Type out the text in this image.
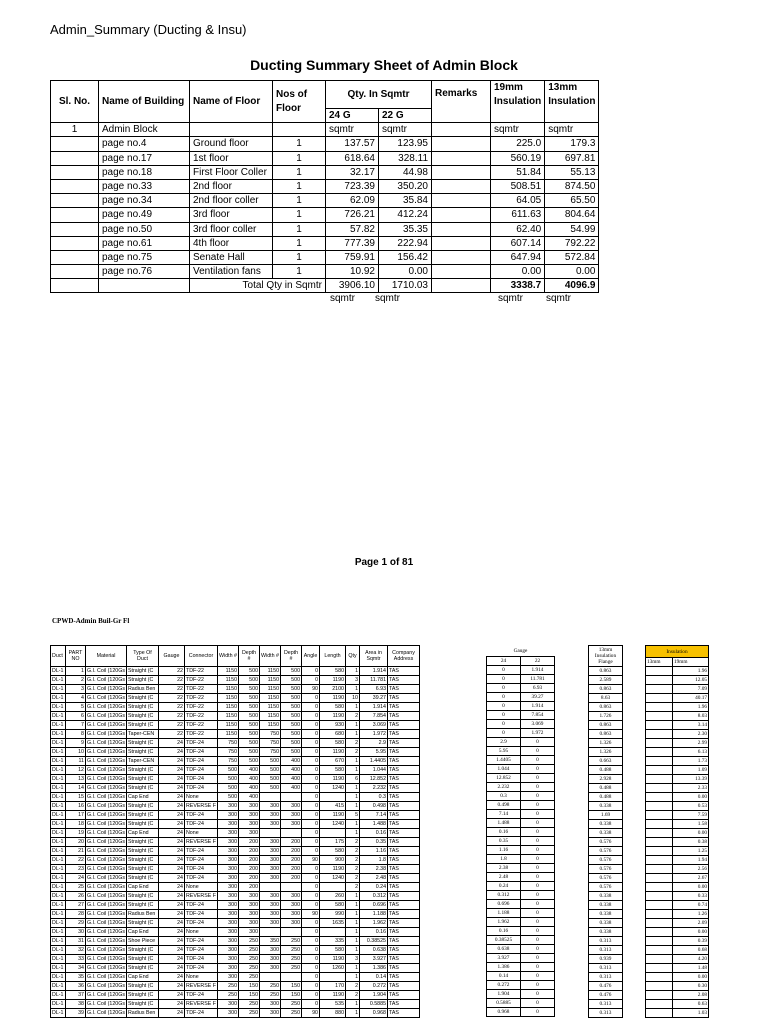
Admin_Summary (Ducting & Insu)
Ducting Summary Sheet of Admin Block
Sl. No.	Name of Building	Name of Floor	Nos of Floor	Qty. In Sqmtr		Remarks	19mm Insulation	13mm Insulation
				24 G	22 G			
1	Admin Block			sqmtr	sqmtr		sqmtr	sqmtr
	page no.4	Ground floor	1	137.57	123.95		225.0	179.3
	page no.17	1st floor	1	618.64	328.11		560.19	697.81
	page no.18	First Floor Coller	1	32.17	44.98		51.84	55.13
	page no.33	2nd floor	1	723.39	350.20		508.51	874.50
	page no.34	2nd floor coller	1	62.09	35.84		64.05	65.50
	page no.49	3rd floor	1	726.21	412.24		611.63	804.64
	page no.50	3rd floor coller	1	57.82	35.35		62.40	54.99
	page no.61	4th floor	1	777.39	222.94		607.14	792.22
	page no.75	Senate Hall	1	759.91	156.42		647.94	572.84
	page no.76	Ventilation fans	1	10.92	0.00		0.00	0.00
		Total Qty in Sqmtr		3906.10	1710.03		3338.7	4096.9
sqmtr sqmtr	sqmtr sqmtr
Page 1 of 81
CPWD-Admin Buil-Gr Fl
Duct	PART NO	Material	Type Of Duct	Gauge	Connector	Width #	Depth #	Width #	Depth #	Angle	Length	Qty	Area in Sqmtr	Company Address
DL-1	1	G.I. Coil (120Gs	Straight (C	22	TDF-22	1150	500	1150	500	0	580	1	1.914	TAS
DL-1	2	G.I. Coil (120Gs	Straight (C	22	TDF-22	1150	500	1150	500	0	1190	3	11.781	TAS
DL-1	3	G.I. Coil (120Gs	Radius Ben	22	TDF-22	1150	500	1150	500	90	2100	1	6.93	TAS
DL-1	4	G.I. Coil (120Gs	Straight (C	22	TDF-22	1150	500	1150	500	0	1190	10	39.27	TAS
DL-1	5	G.I. Coil (120Gs	Straight (C	22	TDF-22	1150	500	1150	500	0	580	1	1.914	TAS
DL-1	6	G.I. Coil (120Gs	Straight (C	22	TDF-22	1150	500	1150	500	0	1190	2	7.854	TAS
DL-1	7	G.I. Coil (120Gs	Straight (C	22	TDF-22	1150	500	1150	500	0	930	1	3.069	TAS
DL-1	8	G.I. Coil (120Gs	Taper-CEN	22	TDF-22	1150	500	750	500	0	680	1	1.972	TAS
DL-1	9	G.I. Coil (120Gs	Straight (C	24	TDF-24	750	500	750	500	0	580	2	2.9	TAS
DL-1	10	G.I. Coil (120Gs	Straight (C	24	TDF-24	750	500	750	500	0	1190	2	5.95	TAS
DL-1	11	G.I. Coil (120Gs	Taper-CEN	24	TDF-24	750	500	500	400	0	670	1	1.4405	TAS
DL-1	12	G.I. Coil (120Gs	Straight (C	24	TDF-24	500	400	500	400	0	580	1	1.044	TAS
DL-1	13	G.I. Coil (120Gs	Straight (C	24	TDF-24	500	400	500	400	0	1190	6	12.852	TAS
DL-1	14	G.I. Coil (120Gs	Straight (C	24	TDF-24	500	400	500	400	0	1240	1	2.232	TAS
DL-1	15	G.I. Coil (120Gs	Cap End	24	None	500	400			0		1	0.3	TAS
DL-1	16	G.I. Coil (120Gs	Straight (C	24	REVERSE F	300	300	300	300	0	415	1	0.498	TAS
DL-1	17	G.I. Coil (120Gs	Straight (C	24	TDF-24	300	300	300	300	0	1190	5	7.14	TAS
DL-1	18	G.I. Coil (120Gs	Straight (C	24	TDF-24	300	300	300	300	0	1240	1	1.488	TAS
DL-1	19	G.I. Coil (120Gs	Cap End	24	None	300	300			0		1	0.16	TAS
DL-1	20	G.I. Coil (120Gs	Straight (C	24	REVERSE F	300	200	300	200	0	175	2	0.35	TAS
DL-1	21	G.I. Coil (120Gs	Straight (C	24	TDF-24	300	200	300	200	0	580	2	1.16	TAS
DL-1	22	G.I. Coil (120Gs	Straight (C	24	TDF-24	300	200	300	200	90	900	2	1.8	TAS
DL-1	23	G.I. Coil (120Gs	Straight (C	24	TDF-24	300	200	300	200	0	1190	2	2.38	TAS
DL-1	24	G.I. Coil (120Gs	Straight (C	24	TDF-24	300	200	300	200	0	1240	2	2.48	TAS
DL-1	25	G.I. Coil (120Gs	Cap End	24	None	300	200			0		2	0.24	TAS
DL-1	26	G.I. Coil (120Gs	Straight (C	24	REVERSE F	300	300	300	300	0	260	1	0.312	TAS
DL-1	27	G.I. Coil (120Gs	Straight (C	24	TDF-24	300	300	300	300	0	580	1	0.696	TAS
DL-1	28	G.I. Coil (120Gs	Radius Ben	24	TDF-24	300	300	300	300	90	990	1	1.188	TAS
DL-1	29	G.I. Coil (120Gs	Straight (C	24	TDF-24	300	300	300	300	0	1635	1	1.962	TAS
DL-1	30	G.I. Coil (120Gs	Cap End	24	None	300	300			0		1	0.16	TAS
DL-1	31	G.I. Coil (120Gs	Shoe Piece	24	TDF-24	300	250	350	250	0	335	1	0.38525	TAS
DL-1	32	G.I. Coil (120Gs	Straight (C	24	TDF-24	300	250	300	250	0	580	1	0.638	TAS
DL-1	33	G.I. Coil (120Gs	Straight (C	24	TDF-24	300	250	300	250	0	1190	3	3.927	TAS
DL-1	34	G.I. Coil (120Gs	Straight (C	24	TDF-24	300	250	300	250	0	1260	1	1.386	TAS
DL-1	35	G.I. Coil (120Gs	Cap End	24	None	300	250			0		1	0.14	TAS
DL-1	36	G.I. Coil (120Gs	Straight (C	24	REVERSE F	250	150	250	150	0	170	2	0.272	TAS
DL-1	37	G.I. Coil (120Gs	Straight (C	24	TDF-24	250	150	250	150	0	1190	2	1.904	TAS
DL-1	38	G.I. Coil (120Gs	Straight (C	24	REVERSE F	300	250	300	250	0	535	1	0.5885	TAS
DL-1	39	G.I. Coil (120Gs	Radius Ben	24	TDF-24	300	250	300	250	90	880	1	0.968	TAS
Gauge	
24	22
0	1.914
0	11.781
0	6.93
0	39.27
0	1.914
0	7.854
0	3.069
0	1.972
2.9	0
5.95	0
1.4405	0
1.044	0
12.852	0
2.232	0
0.3	0
0.498	0
7.14	0
1.488	0
0.16	0
0.35	0
1.16	0
1.8	0
2.38	0
2.48	0
0.24	0
0.312	0
0.696	0
1.188	0
1.962	0
0.16	0
0.38525	0
0.638	0
3.927	0
1.386	0
0.14	0
0.272	0
1.904	0
0.5885	0
0.968	0
13mm Insulation Flange
0.863
2.589
0.863
8.63
0.863
1.726
0.863
0.863
1.326
1.326
0.663
0.488
2.928
0.488
0.488
0.338
1.69
0.338
0.338
0.576
0.576
0.576
0.576
0.576
0.576
0.338
0.338
0.338
0.338
0.338
0.313
0.313
0.939
0.313
0.313
0.476
0.476
0.313
0.313
Insulation	
13mm	19mm
	1.96
	12.05
	7.09
	40.17
	1.96
	8.03
	3.14
	2.30
	2.99
	6.13
	1.73
	1.09
	13.39
	2.33
	0.00
	0.53
	7.59
	1.58
	0.00
	0.38
	1.25
	1.94
	2.56
	2.67
	0.00
	0.33
	0.74
	1.26
	2.09
	0.00
	0.39
	0.68
	4.20
	1.48
	0.00
	0.30
	2.08
	0.63
	1.03
